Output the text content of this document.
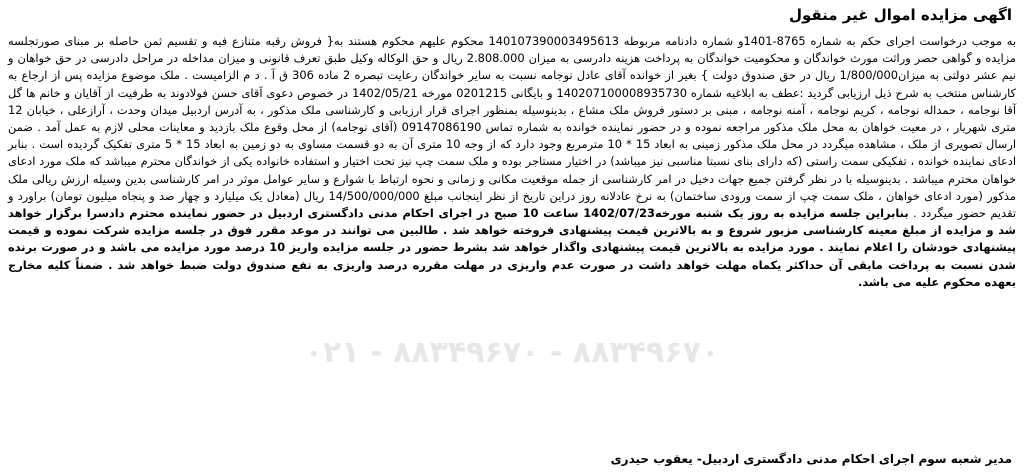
اگهی مزایده اموال غیر منقول

به موجب درخواست اجرای حکم به شماره 8765-1401و شماره دادنامه مربوطه 140107390003495613 محکوم علیهم محکوم هستند به{ فروش رقبه متنازع فیه و تقسیم ثمن حاصله بر مبنای صورتجلسه مزایده و گواهی حصر وراثت مورث خواندگان و محکومیت خواندگان به پرداخت هزینه دادرسی به میزان 2.808.000 ریال و حق الوکاله وکیل طبق تعرف قانونی و میزان مداخله در مراحل دادرسی در حق خواهان و نیم عشر دولتی به میزان1/800/000 ریال در حق صندوق دولت } بغیر از خوانده آقای عادل نوجامه نسبت به سایر خواندگان رعایت تبصره 2 ماده 306 ق آ . د م الزامیست . ملک موضوع مزایده پس از ارجاع به کارشناس منتخب به شرح ذیل ارزیابی گردید :عطف به ابلاغیه شماره 140207100008935730 و بایگانی 0201215 مورخه 1402/05/21 در خصوص دعوی آقای حسن فولادوند به طرفیت از آقایان و خانم ها گل آقا نوجامه ، حمداله نوجامه ، کریم نوجامه ، آمنه نوجامه ، مبنی بر دستور فروش ملک مشاع ، بدینوسیله بمنظور اجرای قرار ارزیابی و کارشناسی ملک مذکور ، به آدرس اردبیل میدان وحدت ، آرازعلی ، خیابان 12 متری شهریار ، در معیت خواهان به محل ملک مذکور مراجعه نموده و در حضور نماینده خوانده به شماره تماس 09147086190 (آقای نوجامه) از محل وقوع ملک بازدید و معاینات محلی لازم به عمل آمد . ضمن ارسال تصویری از ملک ، مشاهده میگردد در محل ملک مذکور زمینی به ابعاد 15 * 10 مترمربع وجود دارد که از وجه 10 متری آن به دو قسمت مساوی به دو زمین به ابعاد 15 * 5 متری تفکیک گردیده است . بنابر ادعای نماینده خوانده ، تفکیکی سمت راستی (که دارای بنای نسبتا مناسبی نیز میباشد) در اختیار مستاجر بوده و ملک سمت چپ نیز تحت اختیار و استفاده خانواده یکی از خواندگان محترم میباشد که ملک مورد ادعای خواهان محترم میباشد . بدینوسیله با در نظر گرفتن جمیع جهات دخیل در امر کارشناسی از جمله موقعیت مکانی و زمانی و نحوه ارتباط با شوارع و سایر عوامل موثر در امر کارشناسی بدین وسیله ارزش ریالی ملک مذکور (مورد ادعای خواهان ، ملک سمت چپ از سمت ورودی ساختمان) به نرخ عادلانه روز دراین تاریخ از نظر اینجانب مبلغ 14/500/000/000 ریال (معادل یک میلیارد و چهار صد و پنجاه میلیون تومان) براورد و تقدیم حضور میگردد . بنابراین جلسه مزایده به روز یک شنبه مورخه1402/07/23 ساعت 10 صبح در اجرای احکام مدنی دادگستری اردبیل در حضور نماینده محترم دادسرا برگزار خواهد شد و مزایده از مبلغ معینه کارشناسی مزبور شروع و به بالاترین قیمت پیشنهادی فروخته خواهد شد . طالبین می توانند در موعد مقرر فوق در جلسه مزایده شرکت نموده و قیمت پیشنهادی خودشان را اعلام نمایند . مورد مزایده به بالاترین قیمت پیشنهادی واگذار خواهد شد بشرط حضور در جلسه مزایده واریز 10 درصد مورد مزایده می باشد و در صورت برنده شدن نسبت به پرداخت مابقی آن حداکثر یکماه مهلت خواهد داشت در صورت عدم واریزی در مهلت مقرره درصد واریزی به نفع صندوق دولت ضبط خواهد شد . ضمناً کلیه مخارج بعهده محکوم علیه می باشد.

۰۲۱ - ۸۸۳۴۹۶۷۰ - ۸۸۳۴۹۶۷۰
مدیر شعبه سوم اجرای احکام مدنی دادگستری اردبیل- یعقوب حیدری
